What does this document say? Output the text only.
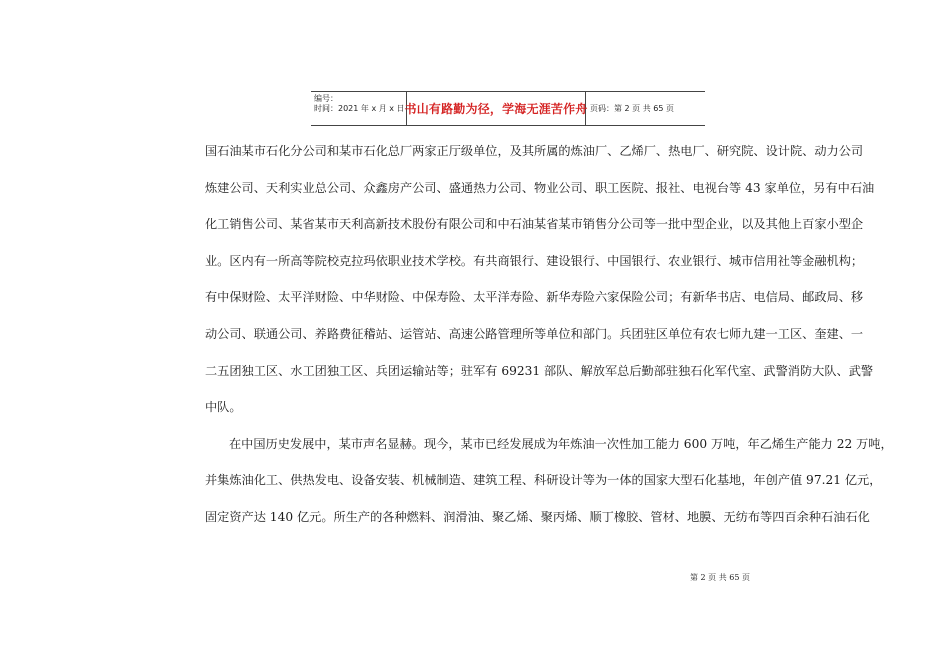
编号：
时间：2021 年 x 月 x 日 书山有路勤为径，学海无涯苦作舟 页码：第 2 页 共 65 页
国石油某市石化分公司和某市石化总厂两家正厅级单位，及其所属的炼油厂、乙烯厂、热电厂、研究院、设计院、动力公司
炼建公司、天利实业总公司、众鑫房产公司、盛通热力公司、物业公司、职工医院、报社、电视台等 43 家单位，另有中石油
化工销售公司、某省某市天利高新技术股份有限公司和中石油某省某市销售分公司等一批中型企业，以及其他上百家小型企
业。区内有一所高等院校克拉玛依职业技术学校。有共商银行、建设银行、中国银行、农业银行、城市信用社等金融机构；
有中保财险、太平洋财险、中华财险、中保寿险、太平洋寿险、新华寿险六家保险公司；有新华书店、电信局、邮政局、移
动公司、联通公司、养路费征稽站、运管站、高速公路管理所等单位和部门。兵团驻区单位有农七师九建一工区、奎建、一
二五团独工区、水工团独工区、兵团运输站等；驻军有 69231 部队、解放军总后勤部驻独石化军代室、武警消防大队、武警
中队。
在中国历史发展中，某市声名显赫。现今，某市已经发展成为年炼油一次性加工能力 600 万吨，年乙烯生产能力 22 万吨，
并集炼油化工、供热发电、设备安装、机械制造、建筑工程、科研设计等为一体的国家大型石化基地，年创产值 97.21 亿元，
固定资产达 140 亿元。所生产的各种燃料、润滑油、聚乙烯、聚丙烯、顺丁橡胶、管材、地膜、无纺布等四百余种石油石化
第 2 页 共 65 页
